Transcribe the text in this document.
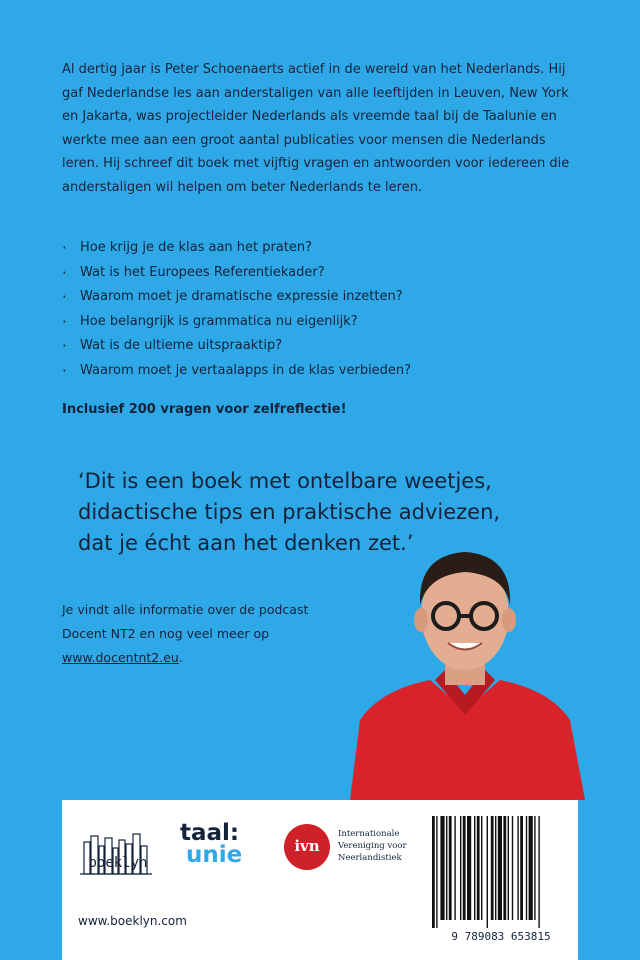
Al dertig jaar is Peter Schoenaerts actief in de wereld van het Nederlands. Hij gaf Nederlandse les aan anderstaligen van alle leeftijden in Leuven, New York en Jakarta, was projectleider Nederlands als vreemde taal bij de Taalunie en werkte mee aan een groot aantal publicaties voor mensen die Nederlands leren. Hij schreef dit boek met vijftig vragen en antwoorden voor iedereen die anderstaligen wil helpen om beter Nederlands te leren.

· Hoe krijg je de klas aan het praten?
· Wat is het Europees Referentiekader?
· Waarom moet je dramatische expressie inzetten?
· Hoe belangrijk is grammatica nu eigenlijk?
· Wat is de ultieme uitspraaktip?
· Waarom moet je vertaalapps in de klas verbieden?
Inclusief 200 vragen voor zelfreflectie!
‘Dit is een boek met ontelbare weetjes,
didactische tips en praktische adviezen,
dat je écht aan het denken zet.’
Je vindt alle informatie over de podcast Docent NT2 en nog veel meer op www.docentnt2.eu.
boeklyn
taal:
unie	ivn
Internationale
Vereniging voor
Neerlandistiek
9 789083 653815
www.boeklyn.com
